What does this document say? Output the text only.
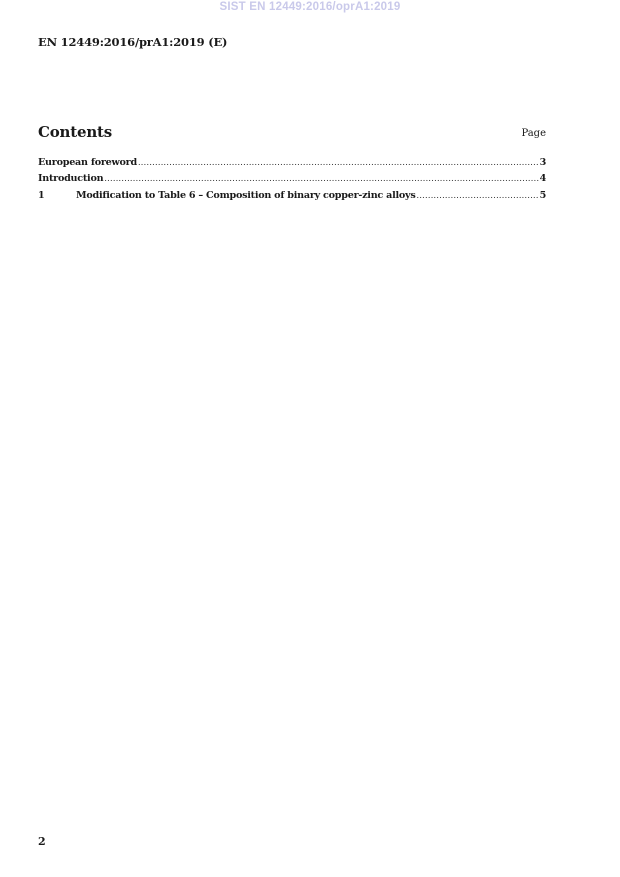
SIST EN 12449:2016/oprA1:2019
EN 12449:2016/prA1:2019 (E)
Contents	Page
European foreword .....	3
Introduction .....	4
1	Modification to Table 6 – Composition of binary copper-zinc alloys .....	5
2
